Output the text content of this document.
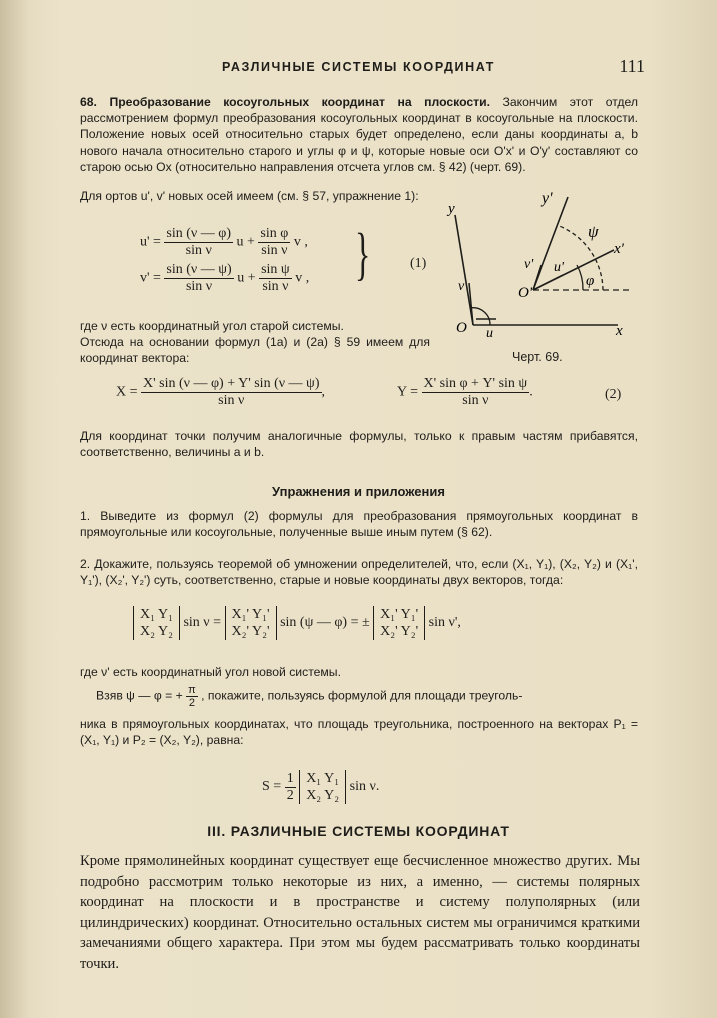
РАЗЛИЧНЫЕ СИСТЕМЫ КООРДИНАТ	111
68. Преобразование косоугольных координат на плоскости. Закончим этот отдел рассмотрением формул преобразования косоугольных координат в косоугольные на плоскости. Положение новых осей относительно старых будет определено, если даны координаты a, b нового начала относительно старого и углы φ и ψ, которые новые оси O'x' и O'y' составляют со старою осью Ox (относительно направления отсчета углов см. § 42) (черт. 69).
Для ортов u', v' новых осей имеем (см. § 57, упражнение 1):
$u' = \frac{\sin (\nu — \varphi)}{\text{sin ν}}$ $u + \frac{\text{sin φ}}{\text{sin ν}}$ v ,
$v' = \frac{\sin (\nu — \psi)}{\text{sin ν}}$ $u + \frac{\text{sin ψ}}{\text{sin ν}}$ v , }	(1)
где ν есть координатный угол старой системы.
Отсюда на основании формул (1а) и (2а) § 59 имеем для координат вектора:
y'
y
ψ
x'
v' u'
v	φ
O'
O u	x
Черт. 69.
$X = \frac{X' \sin (\nu — \varphi) + Y' \sin (\nu — \psi)}{\text{sin ν}}$ ,	$Y = \frac{\text{X' sin φ + Y' sin ψ}}{\text{sin ν}}$ .	(2)
Для координат точки получим аналогичные формулы, только к правым частям прибавятся, соответственно, величины a и b.
Упражнения и приложения
1. Выведите из формул (2) формулы для преобразования прямоугольных координат в прямоугольные или косоугольные, полученные выше иным путем (§ 62).
2. Докажите, пользуясь теоремой об умножении определителей, что, если (X₁, Y₁), (X₂, Y₂) и (X₁', Y₁'), (X₂', Y₂') суть, соответственно, старые и новые координаты двух векторов, тогда:
X₁ Y₁
X₂ Y₂
sin ν =
X₁' Y₁'
X₂' Y₂'
sin (ψ — φ) = ±
X₁' Y₁'
X₂' Y₂'
sin ν',
где ν' есть координатный угол новой системы.
Взяв ψ — φ = + $\frac{\pi}{2}$ , покажите, пользуясь формулой для площади треуголь-
ника в прямоугольных координатах, что площадь треугольника, построенного на векторах P₁ = (X₁, Y₁) и P₂ = (X₂, Y₂), равна:
$S = \frac{1}{2}$
X₁ Y₁
X₂ Y₂
sin ν.
III. РАЗЛИЧНЫЕ СИСТЕМЫ КООРДИНАТ
Кроме прямолинейных координат существует еще бесчисленное множество других. Мы подробно рассмотрим только некоторые из них, а именно, — системы полярных координат на плоскости и в пространстве и систему полуполярных (или цилиндрических) координат. Относительно остальных систем мы ограничимся краткими замечаниями общего характера. При этом мы будем рассматривать только координаты точки.
